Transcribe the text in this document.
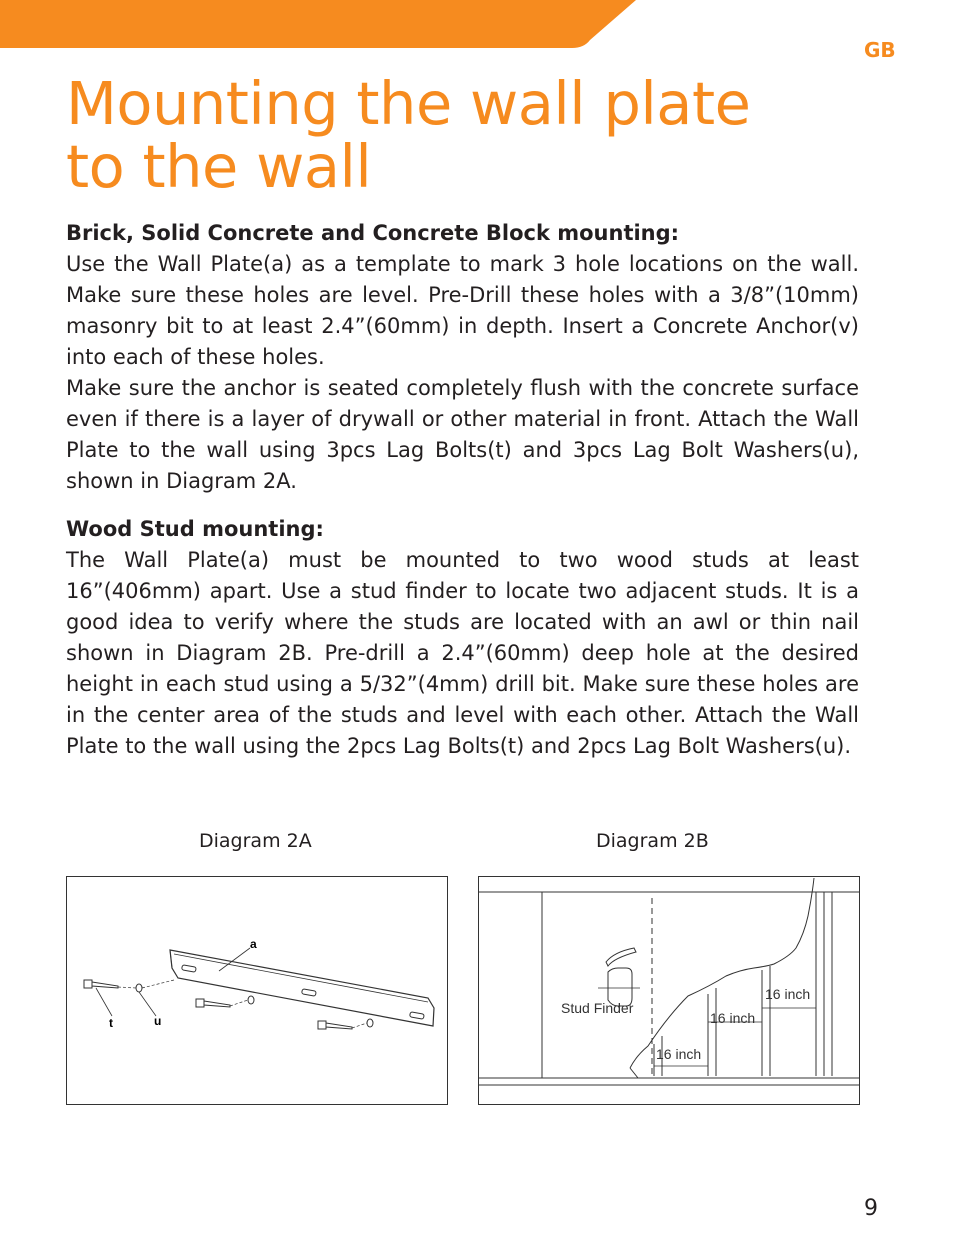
GB
Mounting the wall plate
to the wall
Brick, Solid Concrete and Concrete Block mounting:

Use the Wall Plate(a) as a template to mark 3 hole locations on the wall. Make sure these holes are level. Pre-Drill these holes with a 3/8”(10mm) masonry bit to at least 2.4”(60mm) in depth. Insert a Concrete Anchor(v) into each of these holes.

Make sure the anchor is seated completely flush with the concrete surface even if there is a layer of drywall or other material in front. Attach the Wall Plate to the wall using 3pcs Lag Bolts(t) and 3pcs Lag Bolt Washers(u), shown in Diagram 2A.

Wood Stud mounting:

The Wall Plate(a) must be mounted to two wood studs at least 16”(406mm) apart. Use a stud finder to locate two adjacent studs. It is a good idea to verify where the studs are located with an awl or thin nail shown in Diagram 2B. Pre-drill a 2.4”(60mm) deep hole at the desired height in each stud using a 5/32”(4mm) drill bit. Make sure these holes are in the center area of the studs and level with each other. Attach the Wall Plate to the wall using the 2pcs Lag Bolts(t) and 2pcs Lag Bolt Washers(u).

Diagram 2A	Diagram 2B
a
t	u
Stud Finder
16 inch
16 inch
16 inch
9
